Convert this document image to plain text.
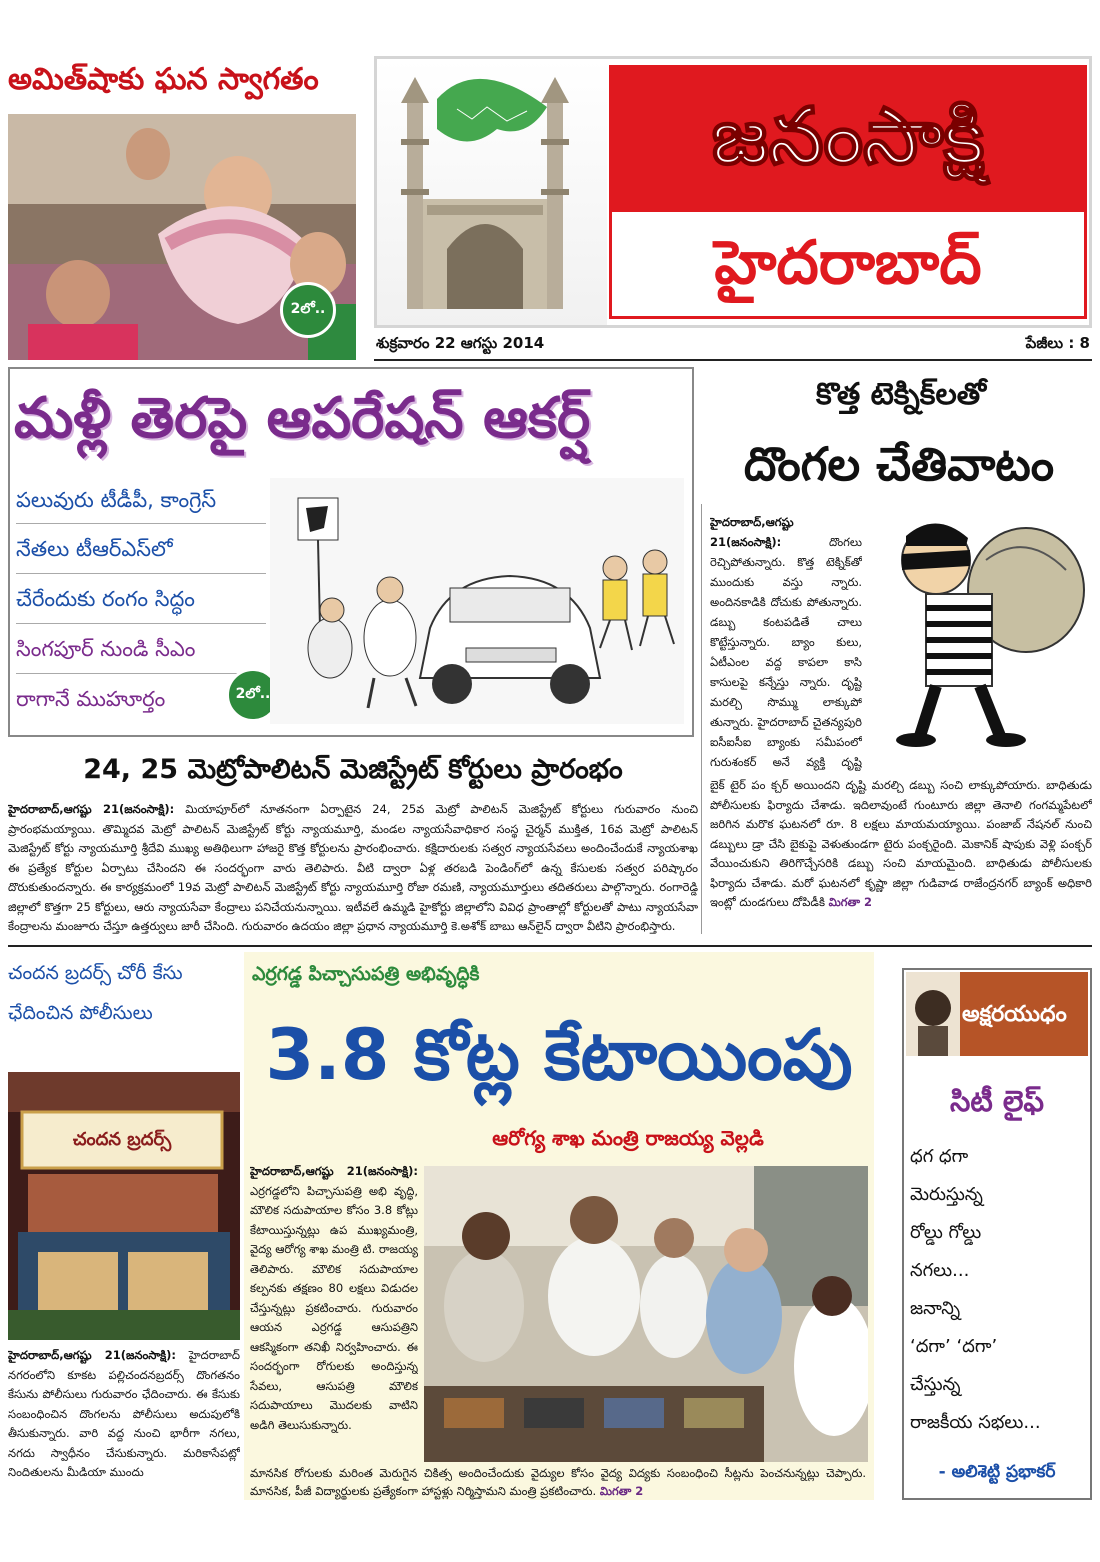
అమిత్‌షాకు ఘన స్వాగతం
2లో..
జనంసాక్షి
హైదరాబాద్
శుక్రవారం 22 ఆగస్టు 2014	పేజీలు : 8
మళ్లీ తెరపై ఆపరేషన్ ఆకర్ష్
పలువురు టీడీపీ, కాంగ్రెస్
నేతలు టీఆర్ఎస్‌లో
చేరేందుకు రంగం సిద్ధం
సింగపూర్ నుండి సీఎం
రాగానే ముహూర్తం	2లో..
కొత్త టెక్నిక్‌లతో
దొంగల చేతివాటం
హైదరాబాద్,ఆగష్టు 21(జనంసాక్షి):	దొంగలు రెచ్చిపోతున్నారు. కొత్త టెక్నిక్‌తో ముందుకు వస్తు న్నారు. అందినకాడికి దోచుకు పోతున్నారు. డబ్బు కంటపడితే చాలు కొట్టేస్తున్నారు. బ్యాం కులు, ఏటీఎంల వద్ద కాపలా కాసి కాసులపై కన్నేస్తు న్నారు. దృష్టి మరల్చి సొమ్ము లాక్కుపో తున్నారు. హైదరాబాద్ చైతన్యపురి ఐసీఐసీఐ బ్యాంకు సమీపంలో గురుశంకర్ అనే వ్యక్తి దృష్టి
బైక్ టైర్ పం క్చర్ అయిందని దృష్టి మరల్చి డబ్బు సంచి లాక్కుపోయారు. బాధితుడు పోలీసులకు ఫిర్యాదు చేశాడు. ఇదిలావుంటే గుంటూరు జిల్లా తెనాలి గంగమ్మపేటలో జరిగిన మరొక ఘటనలో రూ. 8 లక్షలు మాయమయ్యాయి. పంజాబ్ నేషనల్ నుంచి డబ్బులు డ్రా చేసి బైకుపై వెళుతుండగా టైరు పంక్చరైంది. మెకానిక్ షాపుకు వెళ్లి పంక్చర్ వేయించుకుని తిరిగొచ్చేసరికి డబ్బు సంచి మాయమైంది. బాధితుడు పోలీసులకు ఫిర్యాదు చేశాడు. మరో ఘటనలో కృష్ణా జిల్లా గుడివాడ రాజేంద్రనగర్ బ్యాంక్ అధికారి ఇంట్లో దుండగులు దోపిడీకి మిగతా 2
24, 25 మెట్రోపాలిటన్ మెజిస్ట్రేట్ కోర్టులు ప్రారంభం
హైదరాబాద్,ఆగష్టు 21(జనంసాక్షి): మియాపూర్‌లో నూతనంగా ఏర్పాటైన 24, 25వ మెట్రో పాలిటన్ మెజిస్ట్రేట్ కోర్టులు గురువారం నుంచి ప్రారంభమయ్యాయి. తొమ్మిదవ మెట్రో పాలిటన్ మెజిస్ట్రేట్ కోర్టు న్యాయమూర్తి, మండల న్యాయసేవాధికార సంస్థ చైర్మన్ ముక్తిత, 16వ మెట్రో పాలిటన్ మెజిస్ట్రేట్ కోర్టు న్యాయమూర్తి శ్రీదేవి ముఖ్య అతిథిలుగా హాజరై కొత్త కోర్టులను ప్రారంభించారు. కక్షిదారులకు సత్వర న్యాయసేవలు అందించేందుకే న్యాయశాఖ ఈ ప్రత్యేక కోర్టుల ఏర్పాటు చేసిందని ఈ సందర్భంగా వారు తెలిపారు. వీటి ద్వారా ఏళ్ల తరబడి పెండింగ్‌లో ఉన్న కేసులకు సత్వర పరిష్కారం దొరుకుతుందన్నారు. ఈ కార్యక్రమంలో 19వ మెట్రో పాలిటన్ మెజిస్ట్రేట్ కోర్టు న్యాయమూర్తి రోజా రమణి, న్యాయమూర్తులు తదితరులు పాల్గొన్నారు. రంగారెడ్డి జిల్లాలో కొత్తగా 25 కోర్టులు, ఆరు న్యాయసేవా కేంద్రాలు పనిచేయనున్నాయి. ఇటీవలే ఉమ్మడి హైకోర్టు జిల్లాలోని వివిధ ప్రాంతాల్లో కోర్టులతో పాటు న్యాయసేవా కేంద్రాలను మంజూరు చేస్తూ ఉత్తర్వులు జారీ చేసింది. గురువారం ఉదయం జిల్లా ప్రధాన న్యాయమూర్తి కె.అశోక్ బాబు ఆన్‌లైన్ ద్వారా వీటిని ప్రారంభిస్తారు.
చందన బ్రదర్స్ చోరీ కేసు
ఛేదించిన పోలీసులు
చందన బ్రదర్స్
హైదరాబాద్,ఆగష్టు 21(జనంసాక్షి): హైదరాబాద్ నగరంలోని కూకట పల్లిచందనబ్రదర్స్ దొంగతనం కేసును పోలీసులు గురువారం ఛేదించారు. ఈ కేసుకు సంబంధించిన దొంగలను పోలీసులు అదుపులోకి తీసుకున్నారు. వారి వద్ద నుంచి భారీగా నగలు, నగదు స్వాధీనం చేసుకున్నారు. మరికాసేపట్లో నిందితులను మీడియా ముందు
ఎర్రగడ్డ పిచ్చాసుపత్రి అభివృద్ధికి
3.8 కోట్ల కేటాయింపు
ఆరోగ్య శాఖ మంత్రి రాజయ్య వెల్లడి
హైదరాబాద్,ఆగష్టు 21(జనంసాక్షి): ఎర్రగడ్డలోని పిచ్చాసుపత్రి అభి వృద్ధి, మౌలిక సదుపాయాల కోసం 3.8 కోట్లు కేటాయిస్తున్నట్లు ఉప ముఖ్యమంత్రి, వైద్య ఆరోగ్య శాఖ మంత్రి టి. రాజయ్య తెలిపారు. మౌలిక సదుపాయాల కల్పనకు తక్షణం 80 లక్షలు విడుదల చేస్తున్నట్లు ప్రకటించారు. గురువారం ఆయన ఎర్రగడ్డ ఆసుపత్రిని ఆకస్మికంగా తనిఖీ నిర్వహించారు. ఈ సందర్భంగా రోగులకు అందిస్తున్న సేవలు, ఆసుపత్రి మౌలిక సదుపాయాలు మొదలకు వాటిని అడిగి తెలుసుకున్నారు.
మానసిక రోగులకు మరింత మెరుగైన చికిత్స అందించేందుకు వైద్యుల కోసం వైద్య విద్యకు సంబంధించి సీట్లను పెంచనున్నట్లు చెప్పారు. మానసిక, పీజీ విద్యార్థులకు ప్రత్యేకంగా హాస్టళ్లు నిర్మిస్తామని మంత్రి ప్రకటించారు. మిగతా 2
అక్షరయుధం
సిటీ లైఫ్
ధగ ధగా
మెరుస్తున్న
రోల్డు గోల్డు
నగలు...
జనాన్ని
‘దగా’ ‘దగా’
చేస్తున్న
రాజకీయ సభలు...
- అలిశెట్టి ప్రభాకర్
